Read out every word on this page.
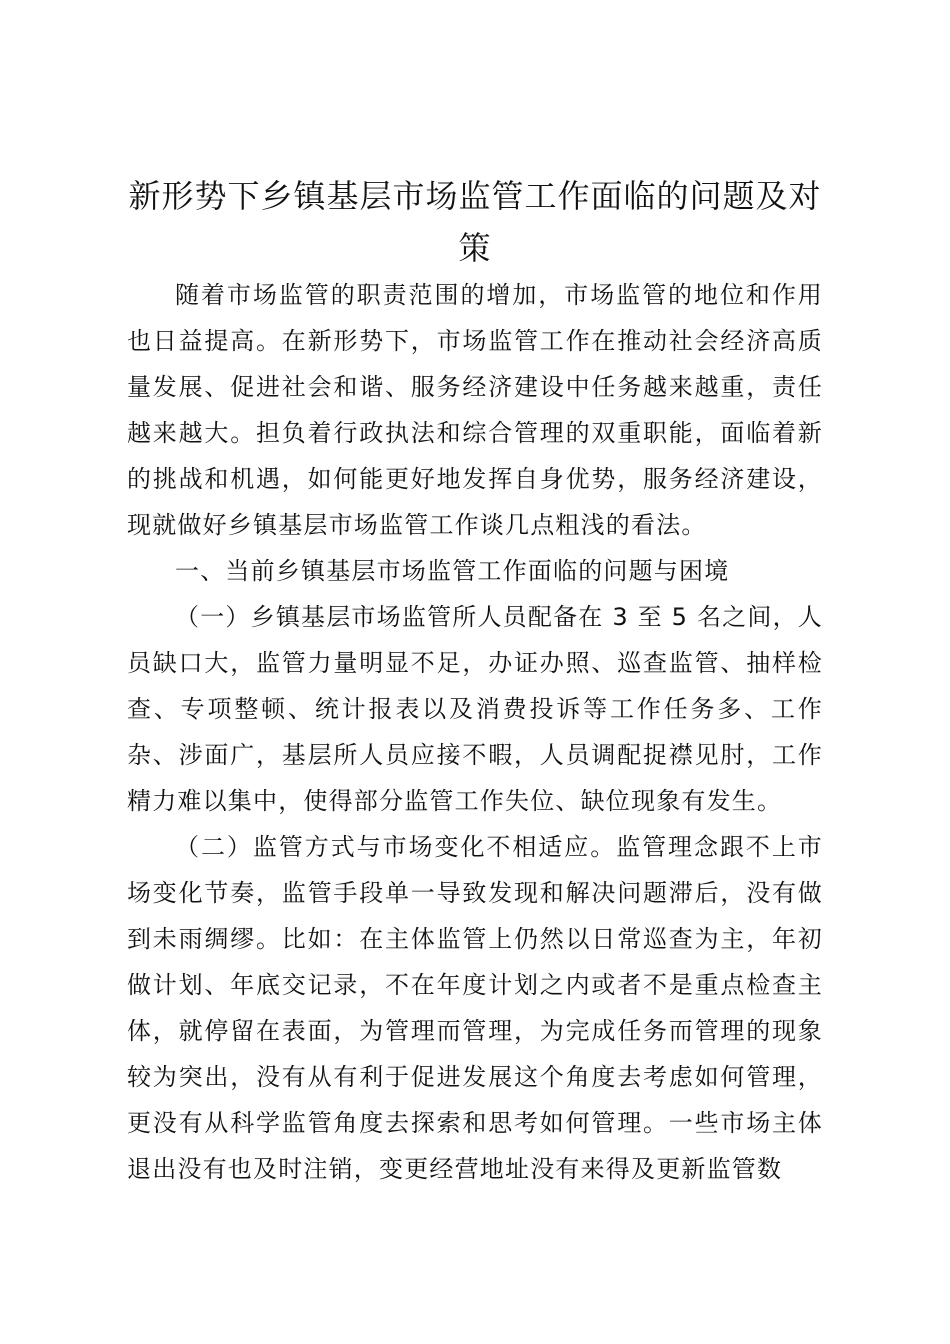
新形势下乡镇基层市场监管工作面临的问题及对策

随着市场监管的职责范围的增加，市场监管的地位和作用也日益提高。在新形势下，市场监管工作在推动社会经济高质量发展、促进社会和谐、服务经济建设中任务越来越重，责任越来越大。担负着行政执法和综合管理的双重职能，面临着新的挑战和机遇，如何能更好地发挥自身优势，服务经济建设，现就做好乡镇基层市场监管工作谈几点粗浅的看法。

一、当前乡镇基层市场监管工作面临的问题与困境

（一）乡镇基层市场监管所人员配备在 3 至 5 名之间，人员缺口大，监管力量明显不足，办证办照、巡查监管、抽样检查、专项整顿、统计报表以及消费投诉等工作任务多、工作杂、涉面广，基层所人员应接不暇，人员调配捉襟见肘，工作精力难以集中，使得部分监管工作失位、缺位现象有发生。

（二）监管方式与市场变化不相适应。监管理念跟不上市场变化节奏，监管手段单一导致发现和解决问题滞后，没有做到未雨绸缪。比如：在主体监管上仍然以日常巡查为主，年初做计划、年底交记录，不在年度计划之内或者不是重点检查主体，就停留在表面，为管理而管理，为完成任务而管理的现象较为突出，没有从有利于促进发展这个角度去考虑如何管理，更没有从科学监管角度去探索和思考如何管理。一些市场主体退出没有也及时注销，变更经营地址没有来得及更新监管数
